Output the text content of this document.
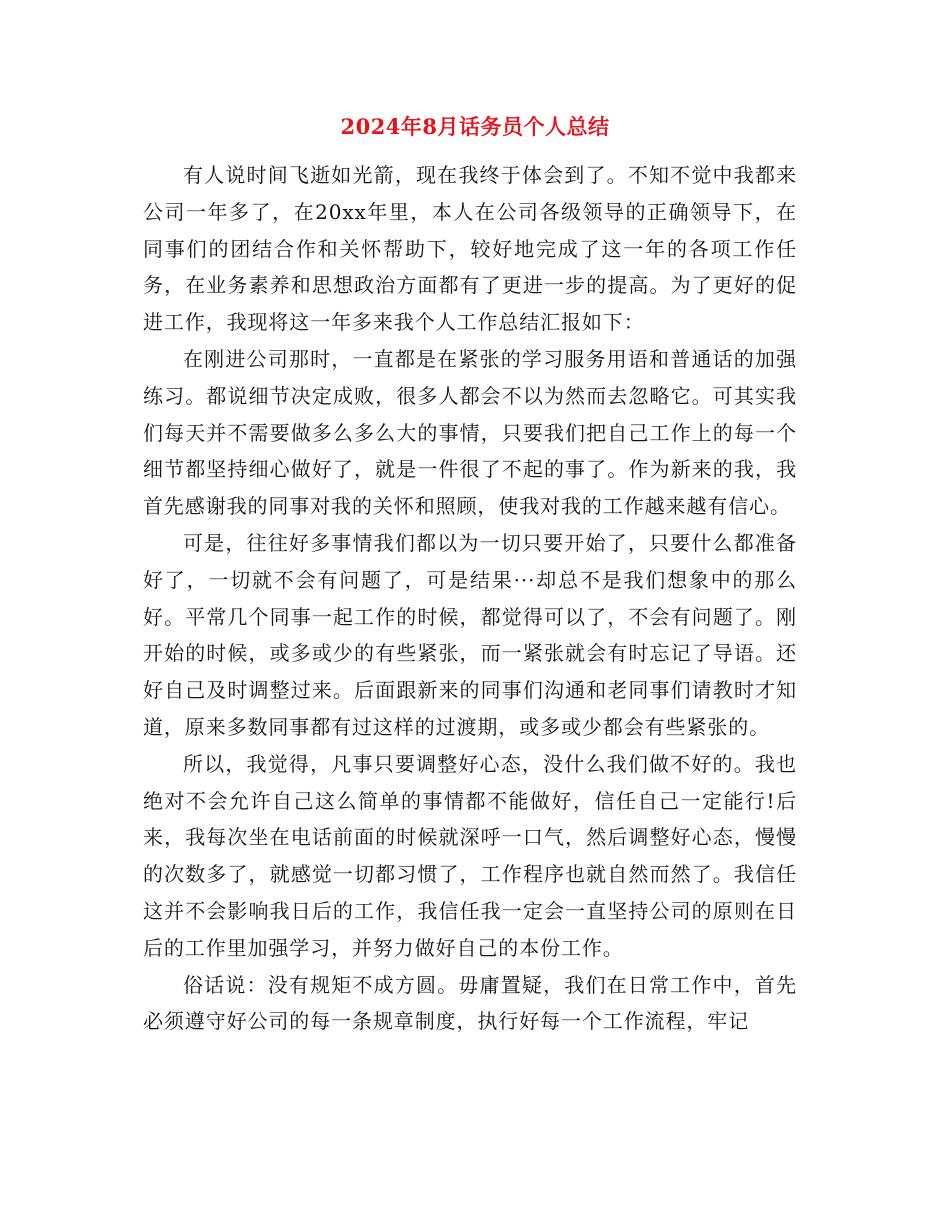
2024年8月话务员个人总结

有人说时间飞逝如光箭，现在我终于体会到了。不知不觉中我都来公司一年多了，在20xx年里，本人在公司各级领导的正确领导下，在同事们的团结合作和关怀帮助下，较好地完成了这一年的各项工作任务，在业务素养和思想政治方面都有了更进一步的提高。为了更好的促进工作，我现将这一年多来我个人工作总结汇报如下：

在刚进公司那时，一直都是在紧张的学习服务用语和普通话的加强练习。都说细节决定成败，很多人都会不以为然而去忽略它。可其实我们每天并不需要做多么多么大的事情，只要我们把自己工作上的每一个细节都坚持细心做好了，就是一件很了不起的事了。作为新来的我，我首先感谢我的同事对我的关怀和照顾，使我对我的工作越来越有信心。

可是，往往好多事情我们都以为一切只要开始了，只要什么都准备好了，一切就不会有问题了，可是结果···却总不是我们想象中的那么好。平常几个同事一起工作的时候，都觉得可以了，不会有问题了。刚开始的时候，或多或少的有些紧张，而一紧张就会有时忘记了导语。还好自己及时调整过来。后面跟新来的同事们沟通和老同事们请教时才知道，原来多数同事都有过这样的过渡期，或多或少都会有些紧张的。

所以，我觉得，凡事只要调整好心态，没什么我们做不好的。我也绝对不会允许自己这么简单的事情都不能做好，信任自己一定能行!后来，我每次坐在电话前面的时候就深呼一口气，然后调整好心态，慢慢的次数多了，就感觉一切都习惯了，工作程序也就自然而然了。我信任这并不会影响我日后的工作，我信任我一定会一直坚持公司的原则在日后的工作里加强学习，并努力做好自己的本份工作。

俗话说：没有规矩不成方圆。毋庸置疑，我们在日常工作中，首先必须遵守好公司的每一条规章制度，执行好每一个工作流程，牢记
